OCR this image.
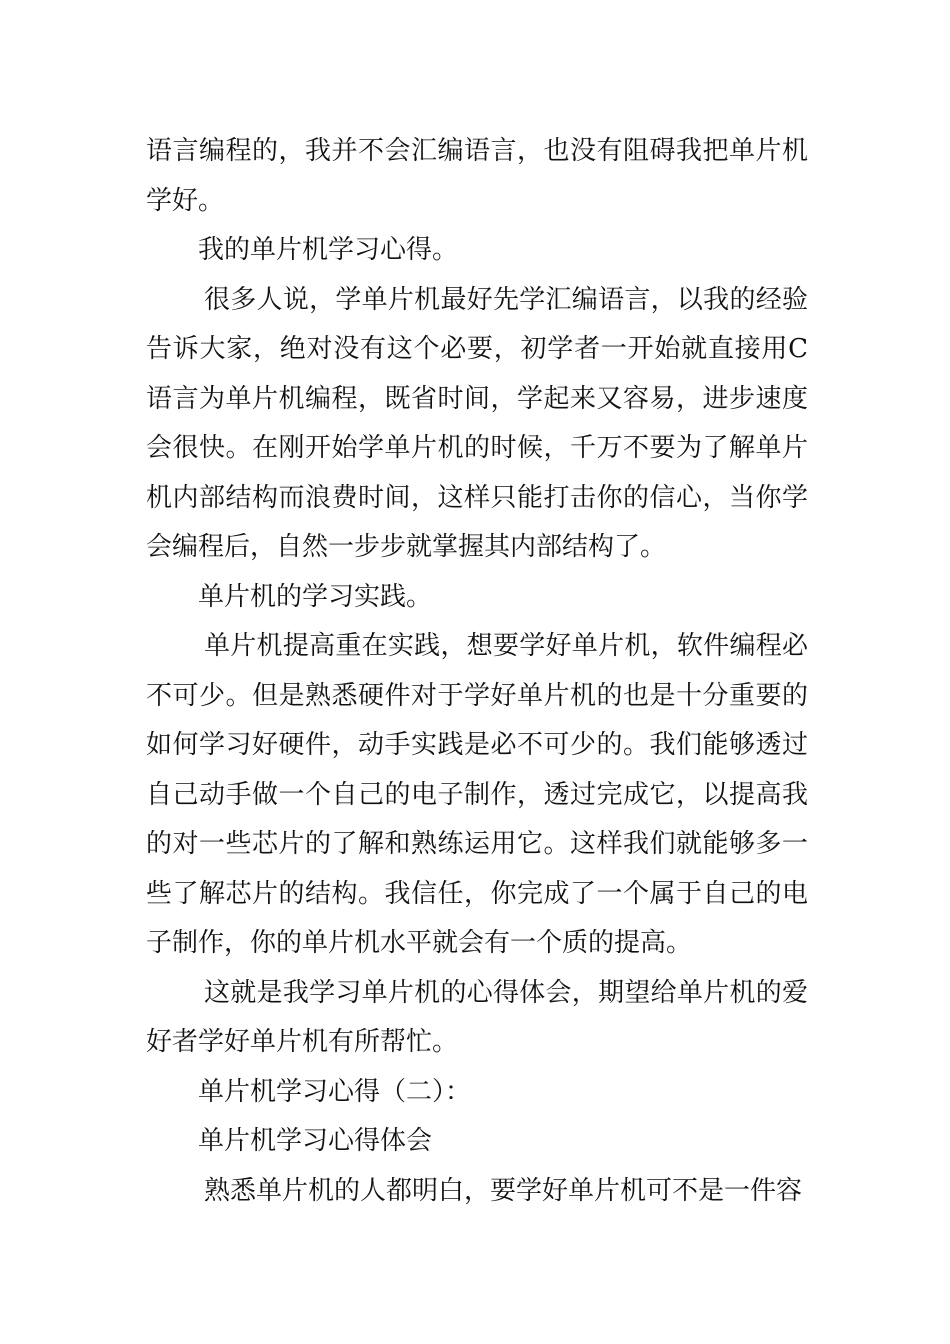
语言编程的，我并不会汇编语言，也没有阻碍我把单片机学好。

我的单片机学习心得。

很多人说，学单片机最好先学汇编语言，以我的经验告诉大家，绝对没有这个必要，初学者一开始就直接用C语言为单片机编程，既省时间，学起来又容易，进步速度会很快。在刚开始学单片机的时候，千万不要为了解单片机内部结构而浪费时间，这样只能打击你的信心，当你学会编程后，自然一步步就掌握其内部结构了。

单片机的学习实践。

单片机提高重在实践，想要学好单片机，软件编程必不可少。但是熟悉硬件对于学好单片机的也是十分重要的如何学习好硬件，动手实践是必不可少的。我们能够透过自己动手做一个自己的电子制作，透过完成它，以提高我的对一些芯片的了解和熟练运用它。这样我们就能够多一些了解芯片的结构。我信任，你完成了一个属于自己的电子制作，你的单片机水平就会有一个质的提高。

这就是我学习单片机的心得体会，期望给单片机的爱好者学好单片机有所帮忙。

单片机学习心得（二）：

单片机学习心得体会

熟悉单片机的人都明白，要学好单片机可不是一件容
